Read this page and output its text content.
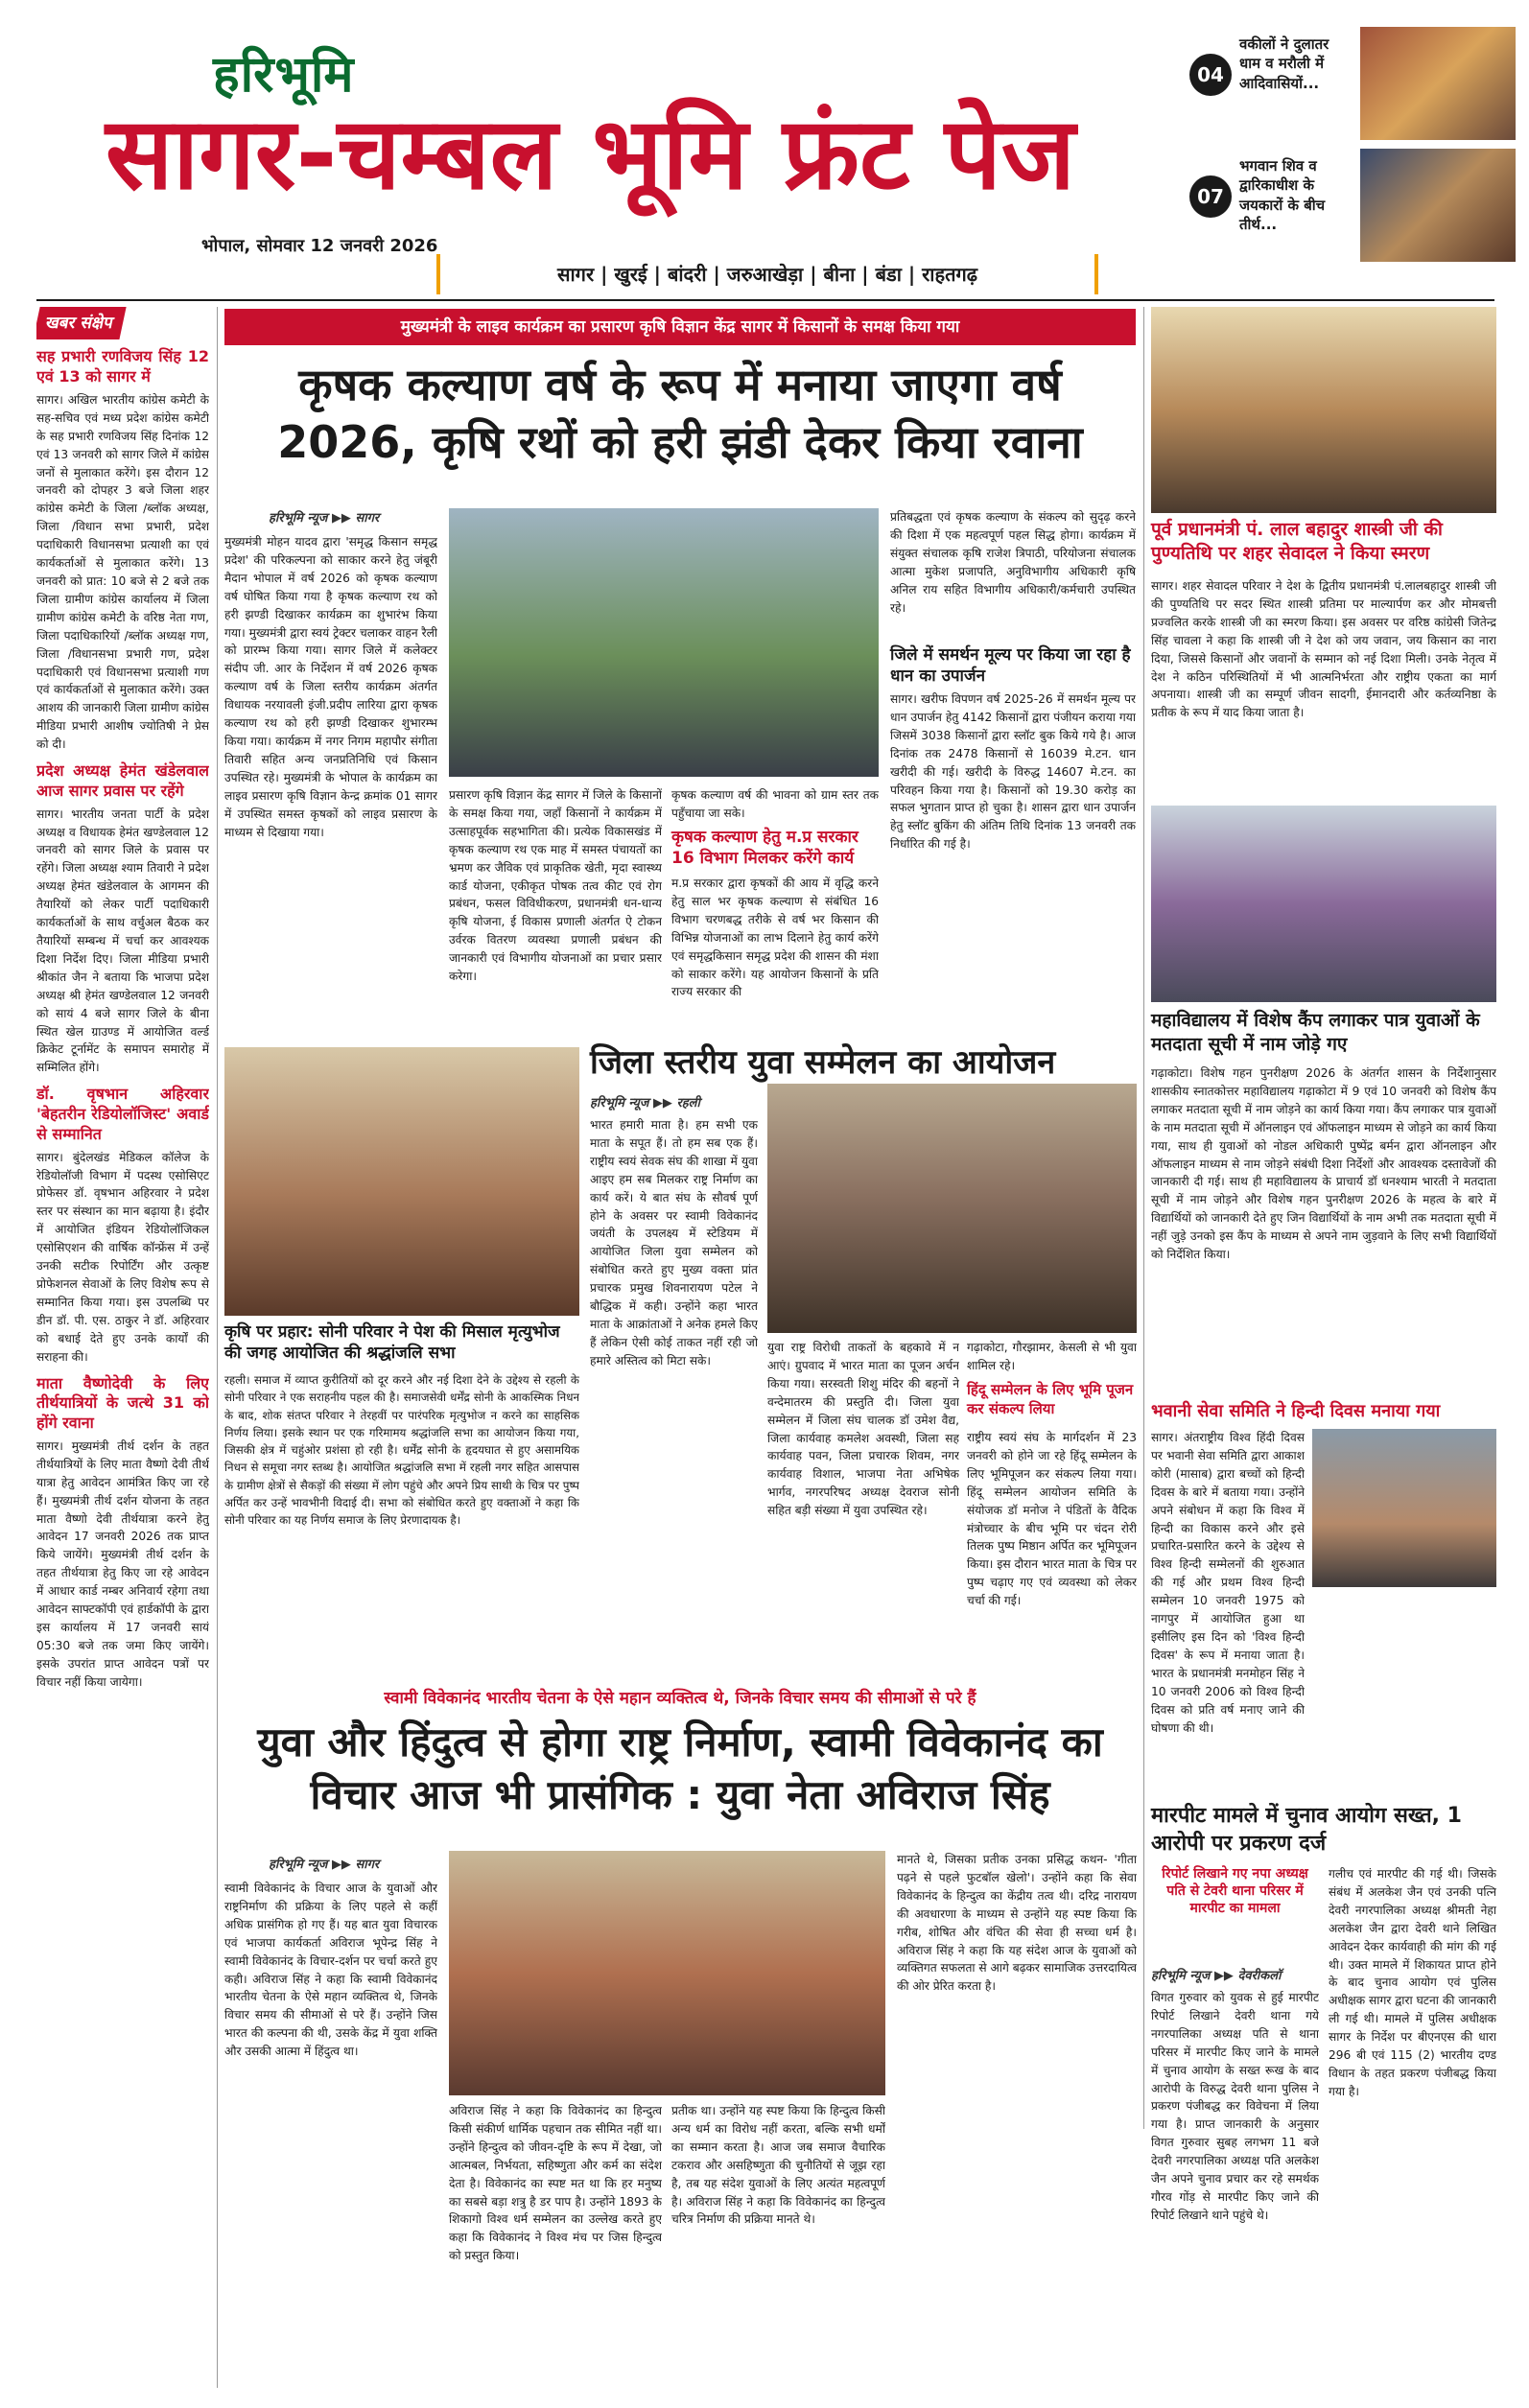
हरिभूमि
सागर-चम्बल भूमि फ्रंट पेज
भोपाल, सोमवार 12 जनवरी 2026
सागर | खुरई | बांदरी | जरुआखेड़ा | बीना | बंडा | राहतगढ़
04
वकीलों ने दुलातर धाम व मरौली में आदिवासियों...
07
भगवान शिव व द्वारिकाधीश के जयकारों के बीच तीर्थ...
खबर संक्षेप
सह प्रभारी रणविजय सिंह 12 एवं 13 को सागर में

सागर। अखिल भारतीय कांग्रेस कमेटी के सह-सचिव एवं मध्य प्रदेश कांग्रेस कमेटी के सह प्रभारी रणविजय सिंह दिनांक 12 एवं 13 जनवरी को सागर जिले में कांग्रेस जनों से मुलाकात करेंगे। इस दौरान 12 जनवरी को दोपहर 3 बजे जिला शहर कांग्रेस कमेटी के जिला /ब्लॉक अध्यक्ष, जिला /विधान सभा प्रभारी, प्रदेश पदाधिकारी विधानसभा प्रत्याशी का एवं कार्यकर्ताओं से मुलाकात करेंगे। 13 जनवरी को प्रात: 10 बजे से 2 बजे तक जिला ग्रामीण कांग्रेस कार्यालय में जिला ग्रामीण कांग्रेस कमेटी के वरिष्ठ नेता गण, जिला पदाधिकारियों /ब्लॉक अध्यक्ष गण, जिला /विधानसभा प्रभारी गण, प्रदेश पदाधिकारी एवं विधानसभा प्रत्याशी गण एवं कार्यकर्ताओं से मुलाकात करेंगे। उक्त आशय की जानकारी जिला ग्रामीण कांग्रेस मीडिया प्रभारी आशीष ज्योतिषी ने प्रेस को दी।

प्रदेश अध्यक्ष हेमंत खंडेलवाल आज सागर प्रवास पर रहेंगे

सागर। भारतीय जनता पार्टी के प्रदेश अध्यक्ष व विधायक हेमंत खण्डेलवाल 12 जनवरी को सागर जिले के प्रवास पर रहेंगे। जिला अध्यक्ष श्याम तिवारी ने प्रदेश अध्यक्ष हेमंत खंडेलवाल के आगमन की तैयारियों को लेकर पार्टी पदाधिकारी कार्यकर्ताओं के साथ वर्चुअल बैठक कर तैयारियों सम्बन्ध में चर्चा कर आवश्यक दिशा निर्देश दिए। जिला मीडिया प्रभारी श्रीकांत जैन ने बताया कि भाजपा प्रदेश अध्यक्ष श्री हेमंत खण्डेलवाल 12 जनवरी को सायं 4 बजे सागर जिले के बीना स्थित खेल ग्राउण्ड में आयोजित वर्ल्ड क्रिकेट टूर्नामेंट के समापन समारोह में सम्मिलित होंगे।

डॉ. वृषभान अहिरवार 'बेहतरीन रेडियोलॉजिस्ट' अवार्ड से सम्मानित

सागर। बुंदेलखंड मेडिकल कॉलेज के रेडियोलॉजी विभाग में पदस्थ एसोसिएट प्रोफेसर डॉ. वृषभान अहिरवार ने प्रदेश स्तर पर संस्थान का मान बढ़ाया है। इंदौर में आयोजित इंडियन रेडियोलॉजिकल एसोसिएशन की वार्षिक कॉन्फ्रेंस में उन्हें उनकी सटीक रिपोर्टिंग और उत्कृष्ट प्रोफेशनल सेवाओं के लिए विशेष रूप से सम्मानित किया गया। इस उपलब्धि पर डीन डॉ. पी. एस. ठाकुर ने डॉ. अहिरवार को बधाई देते हुए उनके कार्यों की सराहना की।

माता वैष्णोदेवी के लिए तीर्थयात्रियों के जत्थे 31 को होंगे रवाना

सागर। मुख्यमंत्री तीर्थ दर्शन के तहत तीर्थयात्रियों के लिए माता वैष्णो देवी तीर्थ यात्रा हेतु आवेदन आमंत्रित किए जा रहे हैं। मुख्यमंत्री तीर्थ दर्शन योजना के तहत माता वैष्णो देवी तीर्थयात्रा करने हेतु आवेदन 17 जनवरी 2026 तक प्राप्त किये जायेंगे। मुख्यमंत्री तीर्थ दर्शन के तहत तीर्थयात्रा हेतु किए जा रहे आवेदन में आधार कार्ड नम्बर अनिवार्य रहेगा तथा आवेदन साफ्टकॉपी एवं हार्डकॉपी के द्वारा इस कार्यालय में 17 जनवरी सायं 05:30 बजे तक जमा किए जायेंगे। इसके उपरांत प्राप्त आवेदन पत्रों पर विचार नहीं किया जायेगा।

मुख्यमंत्री के लाइव कार्यक्रम का प्रसारण कृषि विज्ञान केंद्र सागर में किसानों के समक्ष किया गया
कृषक कल्याण वर्ष के रूप में मनाया जाएगा वर्ष 2026, कृषि रथों को हरी झंडी देकर किया रवाना
हरिभूमि न्यूज ▶▶ सागर
मुख्यमंत्री मोहन यादव द्वारा 'समृद्ध किसान समृद्ध प्रदेश' की परिकल्पना को साकार करने हेतु जंबूरी मैदान भोपाल में वर्ष 2026 को कृषक कल्याण वर्ष घोषित किया गया है कृषक कल्याण रथ को हरी झण्डी दिखाकर कार्यक्रम का शुभारंभ किया गया। मुख्यमंत्री द्वारा स्वयं ट्रेक्टर चलाकर वाहन रैली को प्रारम्भ किया गया। सागर जिले में कलेक्टर संदीप जी. आर के निर्देशन में वर्ष 2026 कृषक कल्याण वर्ष के जिला स्तरीय कार्यक्रम अंतर्गत विधायक नरयावली इंजी.प्रदीप लारिया द्वारा कृषक कल्याण रथ को हरी झण्डी दिखाकर शुभारम्भ किया गया। कार्यक्रम में नगर निगम महापौर संगीता तिवारी सहित अन्य जनप्रतिनिधि एवं किसान उपस्थित रहे। मुख्यमंत्री के भोपाल के कार्यक्रम का लाइव प्रसारण कृषि विज्ञान केन्द्र क्रमांक 01 सागर में उपस्थित समस्त कृषकों को लाइव प्रसारण के माध्यम से दिखाया गया।
प्रसारण कृषि विज्ञान केंद्र सागर में जिले के किसानों के समक्ष किया गया, जहाँ किसानों ने कार्यक्रम में उत्साहपूर्वक सहभागिता की। प्रत्येक विकासखंड में कृषक कल्याण रथ एक माह में समस्त पंचायतों का भ्रमण कर जैविक एवं प्राकृतिक खेती, मृदा स्वास्थ्य कार्ड योजना, एकीकृत पोषक तत्व कीट एवं रोग प्रबंधन, फसल विविधीकरण, प्रधानमंत्री धन-धान्य कृषि योजना, ई विकास प्रणाली अंतर्गत ऐ टोकन उर्वरक वितरण व्यवस्था प्रणाली प्रबंधन की जानकारी एवं विभागीय योजनाओं का प्रचार प्रसार करेगा।
कृषक कल्याण वर्ष की भावना को ग्राम स्तर तक पहुँचाया जा सके।
कृषक कल्याण हेतु म.प्र सरकार 16 विभाग मिलकर करेंगे कार्य
म.प्र सरकार द्वारा कृषकों की आय में वृद्धि करने हेतु साल भर कृषक कल्याण से संबंधित 16 विभाग चरणबद्ध तरीके से वर्ष भर किसान की विभिन्न योजनाओं का लाभ दिलाने हेतु कार्य करेंगे एवं समृद्धकिसान समृद्ध प्रदेश की शासन की मंशा को साकार करेंगे। यह आयोजन किसानों के प्रति राज्य सरकार की
प्रतिबद्धता एवं कृषक कल्याण के संकल्प को सुदृढ़ करने की दिशा में एक महत्वपूर्ण पहल सिद्ध होगा। कार्यक्रम में संयुक्त संचालक कृषि राजेश त्रिपाठी, परियोजना संचालक आत्मा मुकेश प्रजापति, अनुविभागीय अधिकारी कृषि अनिल राय सहित विभागीय अधिकारी/कर्मचारी उपस्थित रहे।
जिले में समर्थन मूल्य पर किया जा रहा है धान का उपार्जन
सागर। खरीफ विपणन वर्ष 2025-26 में समर्थन मूल्य पर धान उपार्जन हेतु 4142 किसानों द्वारा पंजीयन कराया गया जिसमें 3038 किसानों द्वारा स्लॉट बुक किये गये है। आज दिनांक तक 2478 किसानों से 16039 मे.टन. धान खरीदी की गई। खरीदी के विरुद्ध 14607 मे.टन. का परिवहन किया गया है। किसानों को 19.30 करोड़ का सफल भुगतान प्राप्त हो चुका है। शासन द्वारा धान उपार्जन हेतु स्लॉट बुकिंग की अंतिम तिथि दिनांक 13 जनवरी तक निर्धारित की गई है।
पूर्व प्रधानमंत्री पं. लाल बहादुर शास्त्री जी की पुण्यतिथि पर शहर सेवादल ने किया स्मरण
सागर। शहर सेवादल परिवार ने देश के द्वितीय प्रधानमंत्री पं.लालबहादुर शास्त्री जी की पुण्यतिथि पर सदर स्थित शास्त्री प्रतिमा पर माल्यार्पण कर और मोमबत्ती प्रज्वलित करके शास्त्री जी का स्मरण किया। इस अवसर पर वरिष्ठ कांग्रेसी जितेन्द्र सिंह चावला ने कहा कि शास्त्री जी ने देश को जय जवान, जय किसान का नारा दिया, जिससे किसानों और जवानों के सम्मान को नई दिशा मिली। उनके नेतृत्व में देश ने कठिन परिस्थितियों में भी आत्मनिर्भरता और राष्ट्रीय एकता का मार्ग अपनाया। शास्त्री जी का सम्पूर्ण जीवन सादगी, ईमानदारी और कर्तव्यनिष्ठा के प्रतीक के रूप में याद किया जाता है।
महाविद्यालय में विशेष कैंप लगाकर पात्र युवाओं के मतदाता सूची में नाम जोड़े गए
गढ़ाकोटा। विशेष गहन पुनरीक्षण 2026 के अंतर्गत शासन के निर्देशानुसार शासकीय स्नातकोत्तर महाविद्यालय गढ़ाकोटा में 9 एवं 10 जनवरी को विशेष कैंप लगाकर मतदाता सूची में नाम जोड़ने का कार्य किया गया। कैंप लगाकर पात्र युवाओं के नाम मतदाता सूची में ऑनलाइन एवं ऑफलाइन माध्यम से जोड़ने का कार्य किया गया, साथ ही युवाओं को नोडल अधिकारी पुष्पेंद्र बर्मन द्वारा ऑनलाइन और ऑफलाइन माध्यम से नाम जोड़ने संबंधी दिशा निर्देशों और आवश्यक दस्तावेजों की जानकारी दी गई। साथ ही महाविद्यालय के प्राचार्य डॉ धनश्याम भारती ने मतदाता सूची में नाम जोड़ने और विशेष गहन पुनरीक्षण 2026 के महत्व के बारे में विद्यार्थियों को जानकारी देते हुए जिन विद्यार्थियों के नाम अभी तक मतदाता सूची में नहीं जुड़े उनको इस कैंप के माध्यम से अपने नाम जुड़वाने के लिए सभी विद्यार्थियों को निर्देशित किया।
भवानी सेवा समिति ने हिन्दी दिवस मनाया गया
सागर। अंतराष्ट्रीय विश्व हिंदी दिवस पर भवानी सेवा समिति द्वारा आकाश कोरी (मासाब) द्वारा बच्चों को हिन्दी दिवस के बारे में बताया गया। उन्होंने अपने संबोधन में कहा कि विश्व में हिन्दी का विकास करने और इसे प्रचारित-प्रसारित करने के उद्देश्य से विश्व हिन्दी सम्मेलनों की शुरुआत की गई और प्रथम विश्व हिन्दी सम्मेलन 10 जनवरी 1975 को नागपुर में आयोजित हुआ था इसीलिए इस दिन को 'विश्व हिन्दी दिवस' के रूप में मनाया जाता है। भारत के प्रधानमंत्री मनमोहन सिंह ने 10 जनवरी 2006 को विश्व हिन्दी दिवस को प्रति वर्ष मनाए जाने की घोषणा की थी।
कृषि पर प्रहार: सोनी परिवार ने पेश की मिसाल मृत्युभोज की जगह आयोजित की श्रद्धांजलि सभा
रहली। समाज में व्याप्त कुरीतियों को दूर करने और नई दिशा देने के उद्देश्य से रहली के सोनी परिवार ने एक सराहनीय पहल की है। समाजसेवी धर्मेंद्र सोनी के आकस्मिक निधन के बाद, शोक संतप्त परिवार ने तेरहवीं पर पारंपरिक मृत्युभोज न करने का साहसिक निर्णय लिया। इसके स्थान पर एक गरिमामय श्रद्धांजलि सभा का आयोजन किया गया, जिसकी क्षेत्र में चहुंओर प्रशंसा हो रही है। धर्मेंद्र सोनी के हृदयघात से हुए असामयिक निधन से समूचा नगर स्तब्ध है। आयोजित श्रद्धांजलि सभा में रहली नगर सहित आसपास के ग्रामीण क्षेत्रों से सैकड़ों की संख्या में लोग पहुंचे और अपने प्रिय साथी के चित्र पर पुष्प अर्पित कर उन्हें भावभीनी विदाई दी। सभा को संबोधित करते हुए वक्ताओं ने कहा कि सोनी परिवार का यह निर्णय समाज के लिए प्रेरणादायक है।
जिला स्तरीय युवा सम्मेलन का आयोजन
हरिभूमि न्यूज ▶▶ रहली
भारत हमारी माता है। हम सभी एक माता के सपूत हैं। तो हम सब एक हैं। राष्ट्रीय स्वयं सेवक संघ की शाखा में युवा आइए हम सब मिलकर राष्ट्र निर्माण का कार्य करें। ये बात संघ के सौवर्ष पूर्ण होने के अवसर पर स्वामी विवेकानंद जयंती के उपलक्ष्य में स्टेडियम में आयोजित जिला युवा सम्मेलन को संबोधित करते हुए मुख्य वक्ता प्रांत प्रचारक प्रमुख शिवनारायण पटेल ने बौद्धिक में कही। उन्होंने कहा भारत माता के आक्रांताओं ने अनेक हमले किए हैं लेकिन ऐसी कोई ताकत नहीं रही जो हमारे अस्तित्व को मिटा सके।
युवा राष्ट्र विरोधी ताकतों के बहकावे में न आएं। ग्रुपवाद में भारत माता का पूजन अर्चन किया गया। सरस्वती शिशु मंदिर की बहनों ने वन्देमातरम की प्रस्तुति दी। जिला युवा सम्मेलन में जिला संघ चालक डॉ उमेश वैद्य, जिला कार्यवाह कमलेश अवस्थी, जिला सह कार्यवाह पवन, जिला प्रचारक शिवम, नगर कार्यवाह विशाल, भाजपा नेता अभिषेक भार्गव, नगरपरिषद अध्यक्ष देवराज सोनी सहित बड़ी संख्या में युवा उपस्थित रहे।
गढ़ाकोटा, गौरझामर, केसली से भी युवा शामिल रहे।
हिंदू सम्मेलन के लिए भूमि पूजन कर संकल्प लिया
राष्ट्रीय स्वयं संघ के मार्गदर्शन में 23 जनवरी को होने जा रहे हिंदू सम्मेलन के लिए भूमिपूजन कर संकल्प लिया गया। हिंदू सम्मेलन आयोजन समिति के संयोजक डॉ मनोज ने पंडितों के वैदिक मंत्रोच्चार के बीच भूमि पर चंदन रोरी तिलक पुष्प मिष्ठान अर्पित कर भूमिपूजन किया। इस दौरान भारत माता के चित्र पर पुष्प चढ़ाए गए एवं व्यवस्था को लेकर चर्चा की गई।
स्वामी विवेकानंद भारतीय चेतना के ऐसे महान व्यक्तित्व थे, जिनके विचार समय की सीमाओं से परे हैं
युवा और हिंदुत्व से होगा राष्ट्र निर्माण, स्वामी विवेकानंद का विचार आज भी प्रासंगिक : युवा नेता अविराज सिंह
हरिभूमि न्यूज ▶▶ सागर
स्वामी विवेकानंद के विचार आज के युवाओं और राष्ट्रनिर्माण की प्रक्रिया के लिए पहले से कहीं अधिक प्रासंगिक हो गए हैं। यह बात युवा विचारक एवं भाजपा कार्यकर्ता अविराज भूपेन्द्र सिंह ने स्वामी विवेकानंद के विचार-दर्शन पर चर्चा करते हुए कही। अविराज सिंह ने कहा कि स्वामी विवेकानंद भारतीय चेतना के ऐसे महान व्यक्तित्व थे, जिनके विचार समय की सीमाओं से परे हैं। उन्होंने जिस भारत की कल्पना की थी, उसके केंद्र में युवा शक्ति और उसकी आत्मा में हिंदुत्व था।
अविराज सिंह ने कहा कि विवेकानंद का हिन्दुत्व किसी संकीर्ण धार्मिक पहचान तक सीमित नहीं था। उन्होंने हिन्दुत्व को जीवन-दृष्टि के रूप में देखा, जो आत्मबल, निर्भयता, सहिष्णुता और कर्म का संदेश देता है। विवेकानंद का स्पष्ट मत था कि हर मनुष्य का सबसे बड़ा शत्रु है डर पाप है। उन्होंने 1893 के शिकागो विश्व धर्म सम्मेलन का उल्लेख करते हुए कहा कि विवेकानंद ने विश्व मंच पर जिस हिन्दुत्व को प्रस्तुत किया।
प्रतीक था। उन्होंने यह स्पष्ट किया कि हिन्दुत्व किसी अन्य धर्म का विरोध नहीं करता, बल्कि सभी धर्मों का सम्मान करता है। आज जब समाज वैचारिक टकराव और असहिष्णुता की चुनौतियों से जूझ रहा है, तब यह संदेश युवाओं के लिए अत्यंत महत्वपूर्ण है। अविराज सिंह ने कहा कि विवेकानंद का हिन्दुत्व चरित्र निर्माण की प्रक्रिया मानते थे।
मानते थे, जिसका प्रतीक उनका प्रसिद्ध कथन- 'गीता पढ़ने से पहले फुटबॉल खेलो'। उन्होंने कहा कि सेवा विवेकानंद के हिन्दुत्व का केंद्रीय तत्व थी। दरिद्र नारायण की अवधारणा के माध्यम से उन्होंने यह स्पष्ट किया कि गरीब, शोषित और वंचित की सेवा ही सच्चा धर्म है। अविराज सिंह ने कहा कि यह संदेश आज के युवाओं को व्यक्तिगत सफलता से आगे बढ़कर सामाजिक उत्तरदायित्व की ओर प्रेरित करता है।
मारपीट मामले में चुनाव आयोग सख्त, 1 आरोपी पर प्रकरण दर्ज
रिपोर्ट लिखाने गए नपा अध्यक्ष पति से टेवरी थाना परिसर में मारपीट का मामला
हरिभूमि न्यूज ▶▶ देवरीकलॉ
विगत गुरुवार को युवक से हुई मारपीट रिपोर्ट लिखाने देवरी थाना गये नगरपालिका अध्यक्ष पति से थाना परिसर में मारपीट किए जाने के मामले में चुनाव आयोग के सख्त रूख के बाद आरोपी के विरुद्ध देवरी थाना पुलिस ने प्रकरण पंजीबद्ध कर विवेचना में लिया गया है। प्राप्त जानकारी के अनुसार विगत गुरुवार सुबह लगभग 11 बजे देवरी नगरपालिका अध्यक्ष पति अलकेश जैन अपने चुनाव प्रचार कर रहे समर्थक गौरव गोंड़ से मारपीट किए जाने की रिपोर्ट लिखाने थाने पहुंचे थे।
गलीच एवं मारपीट की गई थी। जिसके संबंध में अलकेश जैन एवं उनकी पत्नि देवरी नगरपालिका अध्यक्ष श्रीमती नेहा अलकेश जैन द्वारा देवरी थाने लिखित आवेदन देकर कार्यवाही की मांग की गई थी। उक्त मामले में शिकायत प्राप्त होने के बाद चुनाव आयोग एवं पुलिस अधीक्षक सागर द्वारा घटना की जानकारी ली गई थी। मामले में पुलिस अधीक्षक सागर के निर्देश पर बीएनएस की धारा 296 बी एवं 115 (2) भारतीय दण्ड विधान के तहत प्रकरण पंजीबद्ध किया गया है।
